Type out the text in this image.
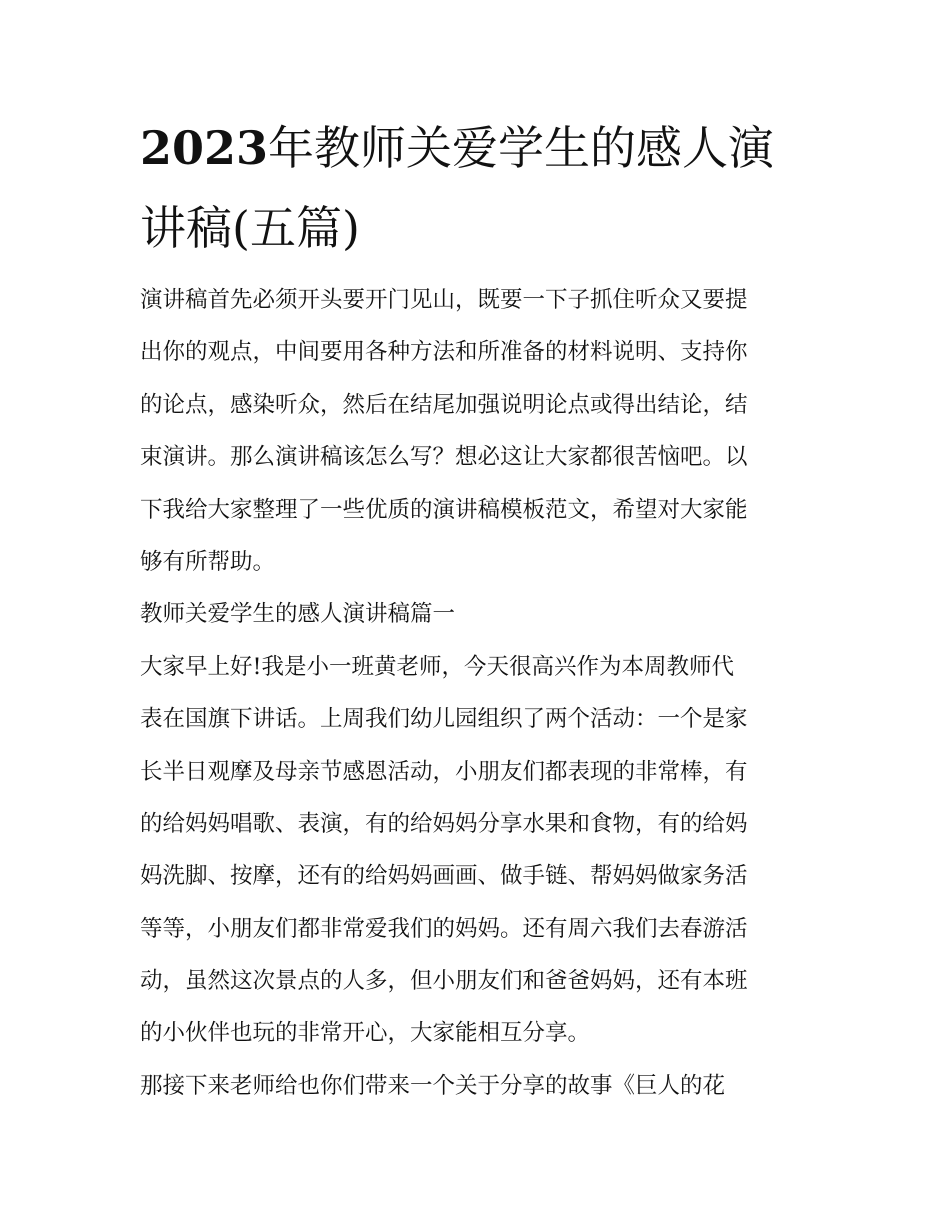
2023年教师关爱学生的感人演
讲稿(五篇)
演讲稿首先必须开头要开门见山，既要一下子抓住听众又要提
出你的观点，中间要用各种方法和所准备的材料说明、支持你
的论点，感染听众，然后在结尾加强说明论点或得出结论，结
束演讲。那么演讲稿该怎么写？想必这让大家都很苦恼吧。以
下我给大家整理了一些优质的演讲稿模板范文，希望对大家能
够有所帮助。
教师关爱学生的感人演讲稿篇一
大家早上好!我是小一班黄老师，今天很高兴作为本周教师代
表在国旗下讲话。上周我们幼儿园组织了两个活动：一个是家
长半日观摩及母亲节感恩活动，小朋友们都表现的非常棒，有
的给妈妈唱歌、表演，有的给妈妈分享水果和食物，有的给妈
妈洗脚、按摩，还有的给妈妈画画、做手链、帮妈妈做家务活
等等，小朋友们都非常爱我们的妈妈。还有周六我们去春游活
动，虽然这次景点的人多，但小朋友们和爸爸妈妈，还有本班
的小伙伴也玩的非常开心，大家能相互分享。
那接下来老师给也你们带来一个关于分享的故事《巨人的花
